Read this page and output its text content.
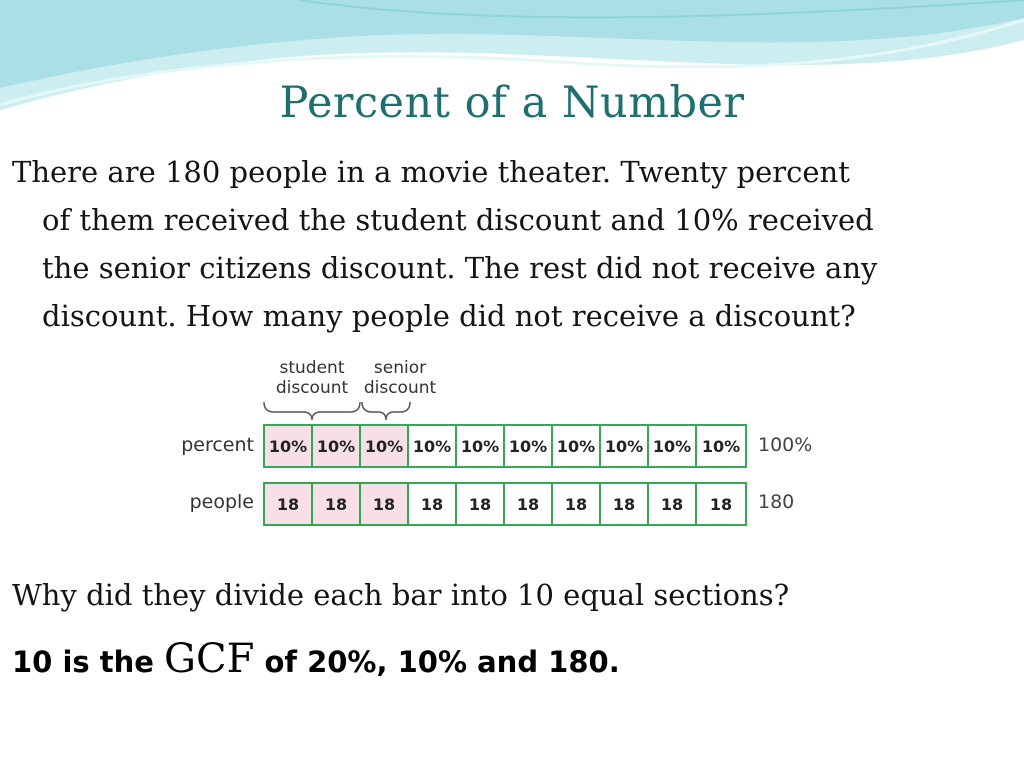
Percent of a Number
There are 180 people in a movie theater. Twenty percent
of them received the student discount and 10% received
the senior citizens discount. The rest did not receive any
discount. How many people did not receive a discount?
student
discount
senior
discount
percent 10% 10% 10% 10% 10% 10% 10% 10% 10% 10% 100%
people	18	18	18	18	18	18	18	18	18	18	180
Why did they divide each bar into 10 equal sections?
10 is the GCF of 20%, 10% and 180.
